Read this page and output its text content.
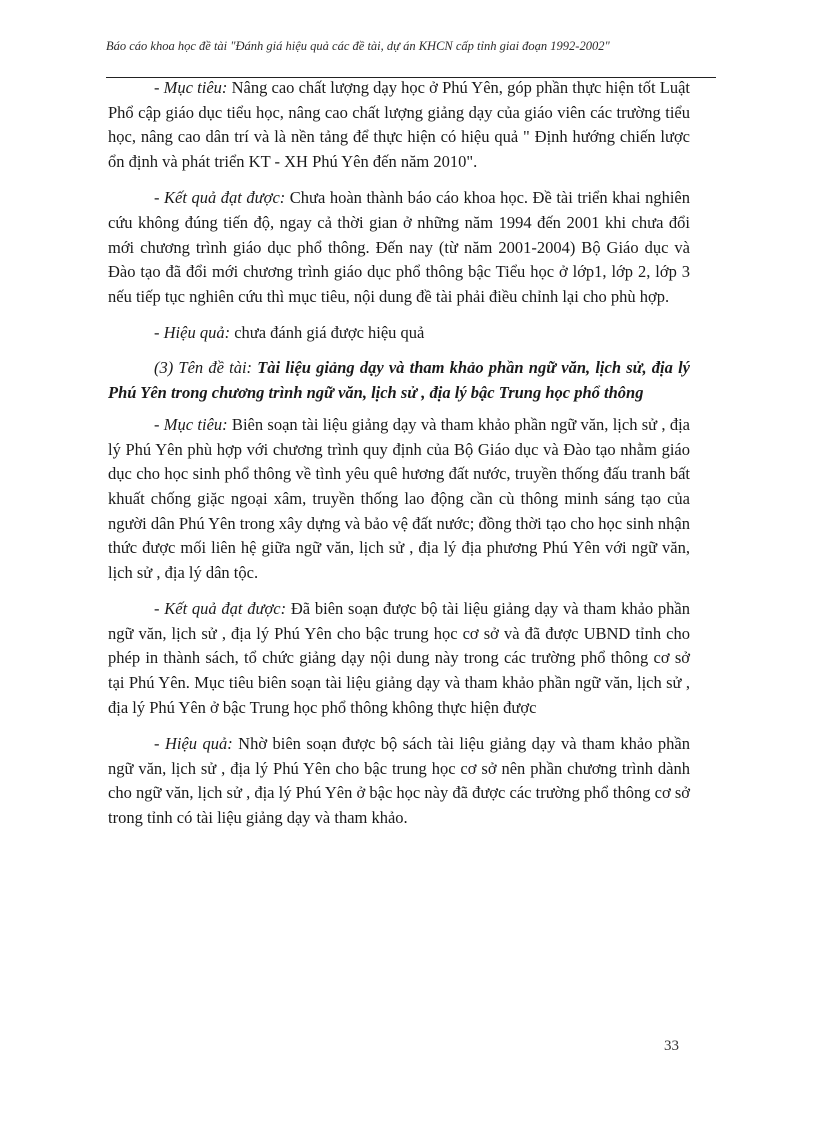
Báo cáo khoa học đề tài "Đánh giá hiệu quả các đề tài, dự án KHCN cấp tỉnh giai đoạn 1992-2002"

- Mục tiêu: Nâng cao chất lượng dạy học ở Phú Yên, góp phần thực hiện tốt Luật Phổ cập giáo dục tiểu học, nâng cao chất lượng giảng dạy của giáo viên các trường tiểu học, nâng cao dân trí và là nền tảng để thực hiện có hiệu quả " Định hướng chiến lược ổn định và phát triển KT - XH Phú Yên đến năm 2010".

- Kết quả đạt được: Chưa hoàn thành báo cáo khoa học. Đề tài triển khai nghiên cứu không đúng tiến độ, ngay cả thời gian ở những năm 1994 đến 2001 khi chưa đổi mới chương trình giáo dục phổ thông. Đến nay (từ năm 2001-2004) Bộ Giáo dục và Đào tạo đã đổi mới chương trình giáo dục phổ thông bậc Tiểu học ở lớp1, lớp 2, lớp 3 nếu tiếp tục nghiên cứu thì mục tiêu, nội dung đề tài phải điều chỉnh lại cho phù hợp.

- Hiệu quả: chưa đánh giá được hiệu quả

(3) Tên đề tài: Tài liệu giảng dạy và tham khảo phần ngữ văn, lịch sử, địa lý Phú Yên trong chương trình ngữ văn, lịch sử , địa lý bậc Trung học phổ thông

- Mục tiêu: Biên soạn tài liệu giảng dạy và tham khảo phần ngữ văn, lịch sử , địa lý Phú Yên phù hợp với chương trình quy định của Bộ Giáo dục và Đào tạo nhằm giáo dục cho học sinh phổ thông về tình yêu quê hương đất nước, truyền thống đấu tranh bất khuất chống giặc ngoại xâm, truyền thống lao động cần cù thông minh sáng tạo của người dân Phú Yên trong xây dựng và bảo vệ đất nước; đồng thời tạo cho học sinh nhận thức được mối liên hệ giữa ngữ văn, lịch sử , địa lý địa phương Phú Yên với ngữ văn, lịch sử , địa lý dân tộc.

- Kết quả đạt được: Đã biên soạn được bộ tài liệu giảng dạy và tham khảo phần ngữ văn, lịch sử , địa lý Phú Yên cho bậc trung học cơ sở và đã được UBND tỉnh cho phép in thành sách, tổ chức giảng dạy nội dung này trong các trường phổ thông cơ sở tại Phú Yên. Mục tiêu biên soạn tài liệu giảng dạy và tham khảo phần ngữ văn, lịch sử , địa lý Phú Yên ở bậc Trung học phổ thông không thực hiện được

- Hiệu quả: Nhờ biên soạn được bộ sách tài liệu giảng dạy và tham khảo phần ngữ văn, lịch sử , địa lý Phú Yên cho bậc trung học cơ sở nên phần chương trình dành cho ngữ văn, lịch sử , địa lý Phú Yên ở bậc học này đã được các trường phổ thông cơ sở trong tỉnh có tài liệu giảng dạy và tham khảo.

33
